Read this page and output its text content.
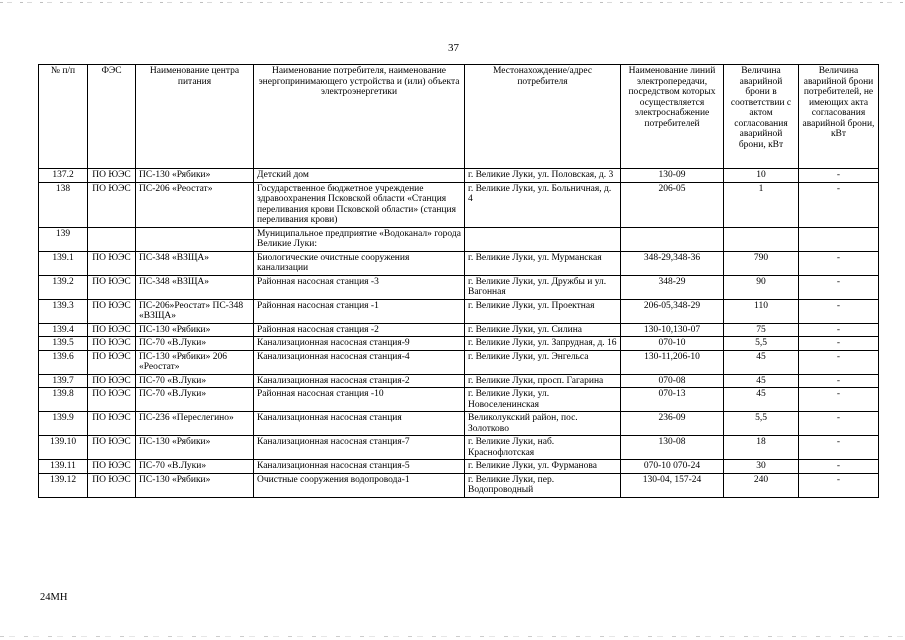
37
№ п/п	ФЭС	Наименование центра питания	Наименование потребителя, наименование энергопринимающего устройства и (или) объекта электроэнергетики	Местонахождение/адрес потребителя	Наименование линий электропередачи, посредством которых осуществляется электроснабжение потребителей	Величина аварийной брони в соответствии с актом согласования аварийной брони, кВт	Величина аварийной брони потребителей, не имеющих акта согласования аварийной брони, кВт
137.2	ПО ЮЭС	ПС-130 «Рябики»	Детский дом	г. Великие Луки, ул. Половская, д. 3	130-09	10	-
138	ПО ЮЭС	ПС-206 «Реостат»	Государственное бюджетное учреждение здравоохранения Псковской области «Станция переливания крови Псковской области» (станция переливания крови)	г. Великие Луки, ул. Больничная, д. 4	206-05	1	-
139			Муниципальное предприятие «Водоканал» города Великие Луки:				
139.1	ПО ЮЭС	ПС-348 «ВЗЩА»	Биологические очистные сооружения канализации	г. Великие Луки, ул. Мурманская	348-29,348-36	790	-
139.2	ПО ЮЭС	ПС-348 «ВЗЩА»	Районная насосная станция -3	г. Великие Луки, ул. Дружбы и ул. Вагонная	348-29	90	-
139.3	ПО ЮЭС	ПС-206»Реостат» ПС-348 «ВЗЩА»	Районная насосная станция -1	г. Великие Луки, ул. Проектная	206-05,348-29	110	-
139.4	ПО ЮЭС	ПС-130 «Рябики»	Районная насосная станция -2	г. Великие Луки, ул. Силина	130-10,130-07	75	-
139.5	ПО ЮЭС	ПС-70 «В.Луки»	Канализационная насосная станция-9	г. Великие Луки, ул. Запрудная, д. 16	070-10	5,5	-
139.6	ПО ЮЭС	ПС-130 «Рябики» 206 «Реостат»	Канализационная насосная станция-4	г. Великие Луки, ул. Энгельса	130-11,206-10	45	-
139.7	ПО ЮЭС	ПС-70 «В.Луки»	Канализационная насосная станция-2	г. Великие Луки, просп. Гагарина	070-08	45	-
139.8	ПО ЮЭС	ПС-70 «В.Луки»	Районная насосная станция -10	г. Великие Луки, ул. Новоселенинская	070-13	45	-
139.9	ПО ЮЭС	ПС-236 «Переслегино»	Канализационная насосная станция	Великолукский район, пос. Золотково	236-09	5,5	-
139.10	ПО ЮЭС	ПС-130 «Рябики»	Канализационная насосная станция-7	г. Великие Луки, наб. Краснофлотская	130-08	18	-
139.11	ПО ЮЭС	ПС-70 «В.Луки»	Канализационная насосная станция-5	г. Великие Луки, ул. Фурманова	070-10 070-24	30	-
139.12	ПО ЮЭС	ПС-130 «Рябики»	Очистные сооружения водопровода-1	г. Великие Луки, пер. Водопроводный	130-04, 157-24	240	-
24МН
